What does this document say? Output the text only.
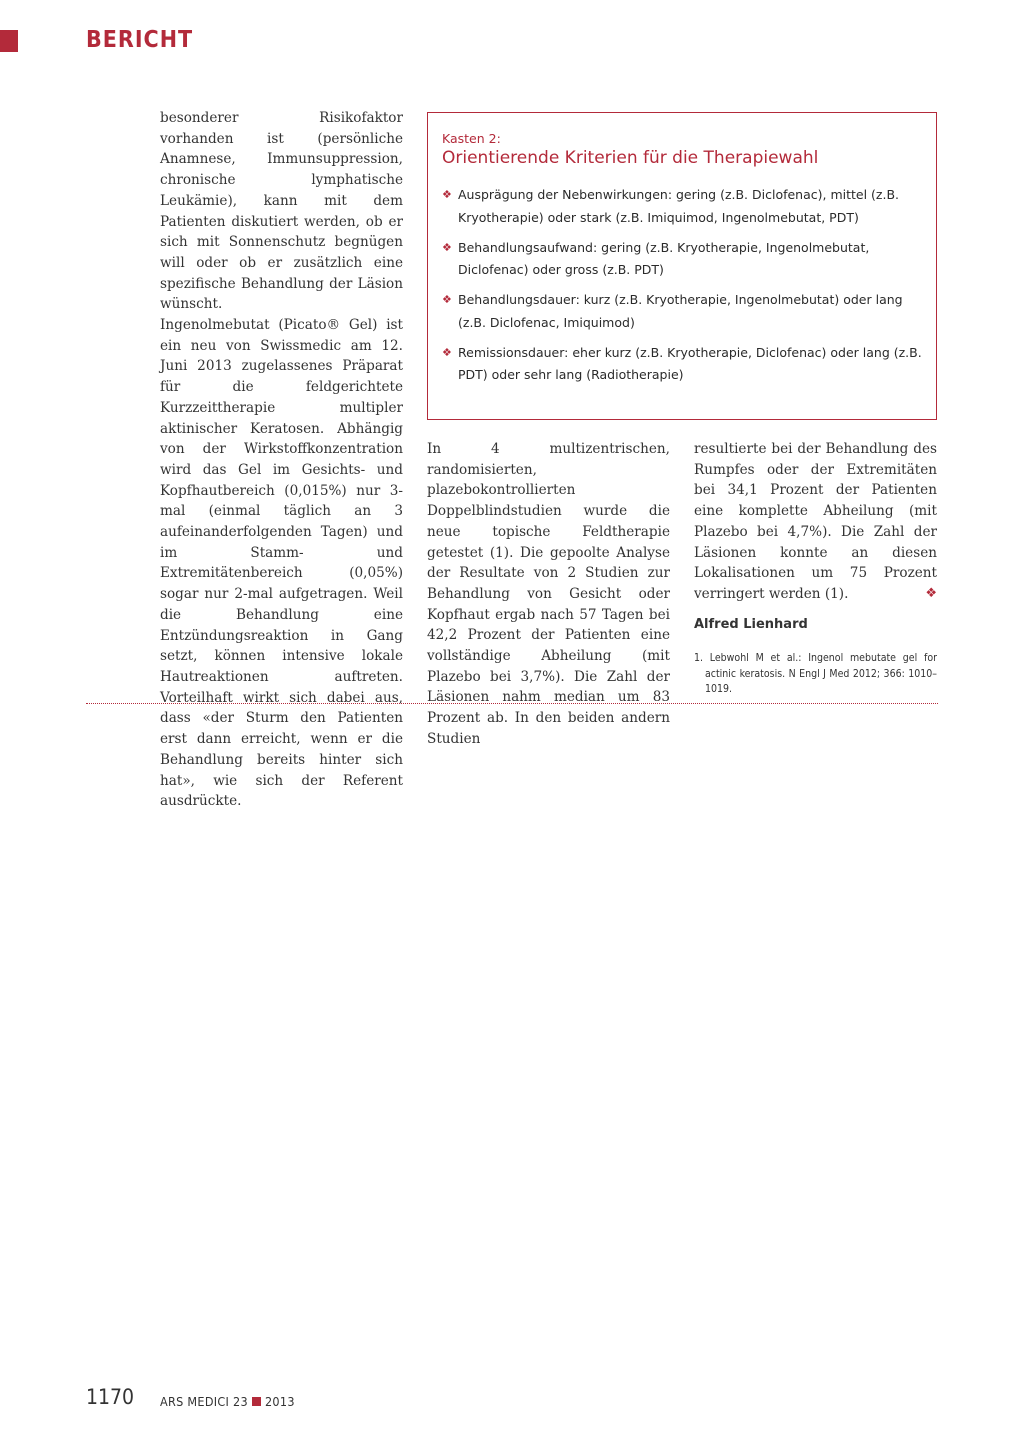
BERICHT

besonderer Risikofaktor vorhanden ist (persönliche Anamnese, Immunsuppression, chronische lymphatische Leukämie), kann mit dem Patienten diskutiert werden, ob er sich mit Sonnenschutz begnügen will oder ob er zusätzlich eine spezifische Behandlung der Läsion wünscht.

Ingenolmebutat (Picato® Gel) ist ein neu von Swissmedic am 12. Juni 2013 zugelassenes Präparat für die feldgerichtete Kurzzeittherapie multipler aktinischer Keratosen. Abhängig von der Wirkstoffkonzentration wird das Gel im Gesichts- und Kopfhautbereich (0,015%) nur 3-mal (einmal täglich an 3 aufeinanderfolgenden Tagen) und im Stamm- und Extremitätenbereich (0,05%) sogar nur 2-mal aufgetragen. Weil die Behandlung eine Entzündungsreaktion in Gang setzt, können intensive lokale Hautreaktionen auftreten. Vorteilhaft wirkt sich dabei aus, dass «der Sturm den Patienten erst dann erreicht, wenn er die Behandlung bereits hinter sich hat», wie sich der Referent ausdrückte.

Kasten 2:

Orientierende Kriterien für die Therapiewahl
❖ Ausprägung der Nebenwirkungen: gering (z.B. Diclofenac), mittel (z.B. Kryotherapie) oder stark (z.B. Imiquimod, Ingenolmebutat, PDT)
❖ Behandlungsaufwand: gering (z.B. Kryotherapie, Ingenolmebutat, Diclofenac) oder gross (z.B. PDT)
❖ Behandlungsdauer: kurz (z.B. Kryotherapie, Ingenolmebutat) oder lang (z.B. Diclofenac, Imiquimod)
❖ Remissionsdauer: eher kurz (z.B. Kryotherapie, Diclofenac) oder lang (z.B. PDT) oder sehr lang (Radiotherapie)

In 4 multizentrischen, randomisierten, plazebokontrollierten Doppelblindstudien wurde die neue topische Feldtherapie getestet (1). Die gepoolte Analyse der Resultate von 2 Studien zur Behandlung von Gesicht oder Kopfhaut ergab nach 57 Tagen bei 42,2 Prozent der Patienten eine vollständige Abheilung (mit Plazebo bei 3,7%). Die Zahl der Läsionen nahm median um 83 Prozent ab. In den beiden andern Studien

resultierte bei der Behandlung des Rumpfes oder der Extremitäten bei 34,1 Prozent der Patienten eine komplette Abheilung (mit Plazebo bei 4,7%). Die Zahl der Läsionen konnte an diesen Lokalisationen um 75 Prozent verringert werden (1).	❖

Alfred Lienhard
1. Lebwohl M et al.: Ingenol mebutate gel for actinic keratosis. N Engl J Med 2012; 366: 1010–1019.
1170 ARS MEDICI 23 2013
